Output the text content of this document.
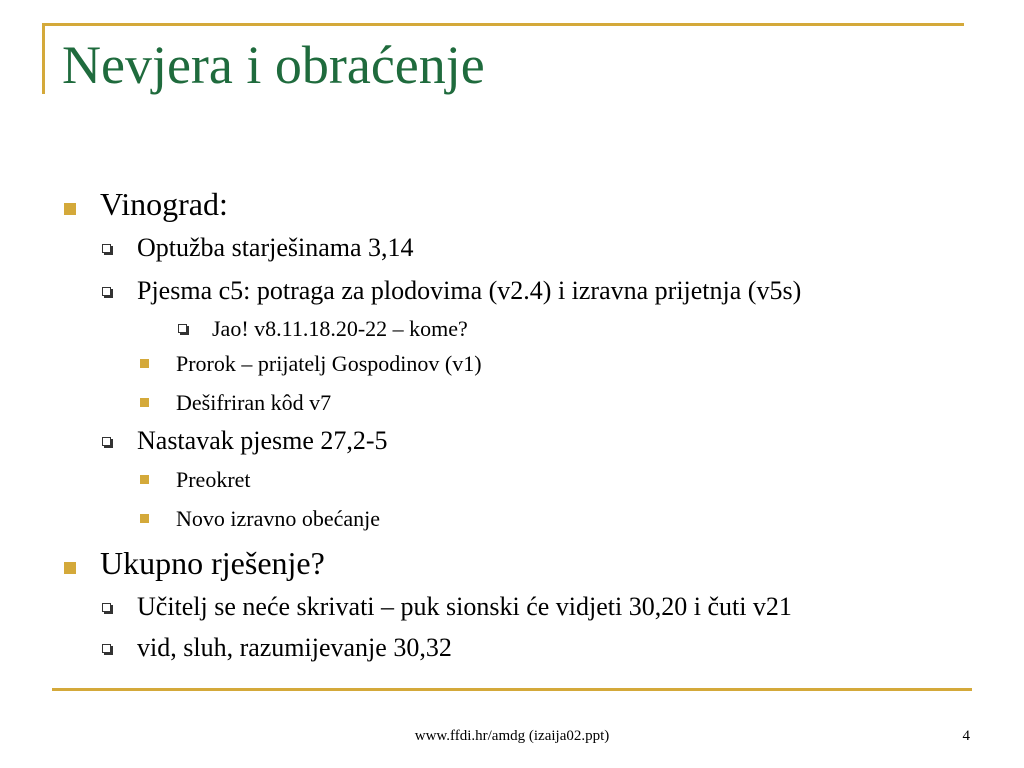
Nevjera i obraćenje
Vinograd:
Optužba starješinama 3,14
Pjesma c5: potraga za plodovima (v2.4) i izravna prijetnja (v5s)
Jao! v8.11.18.20-22 – kome?
Prorok – prijatelj Gospodinov (v1)
Dešifriran kôd v7
Nastavak pjesme 27,2-5
Preokret
Novo izravno obećanje
Ukupno rješenje?
Učitelj se neće skrivati – puk sionski će vidjeti 30,20 i čuti v21
vid, sluh, razumijevanje 30,32
www.ffdi.hr/amdg (izaija02.ppt)	4
